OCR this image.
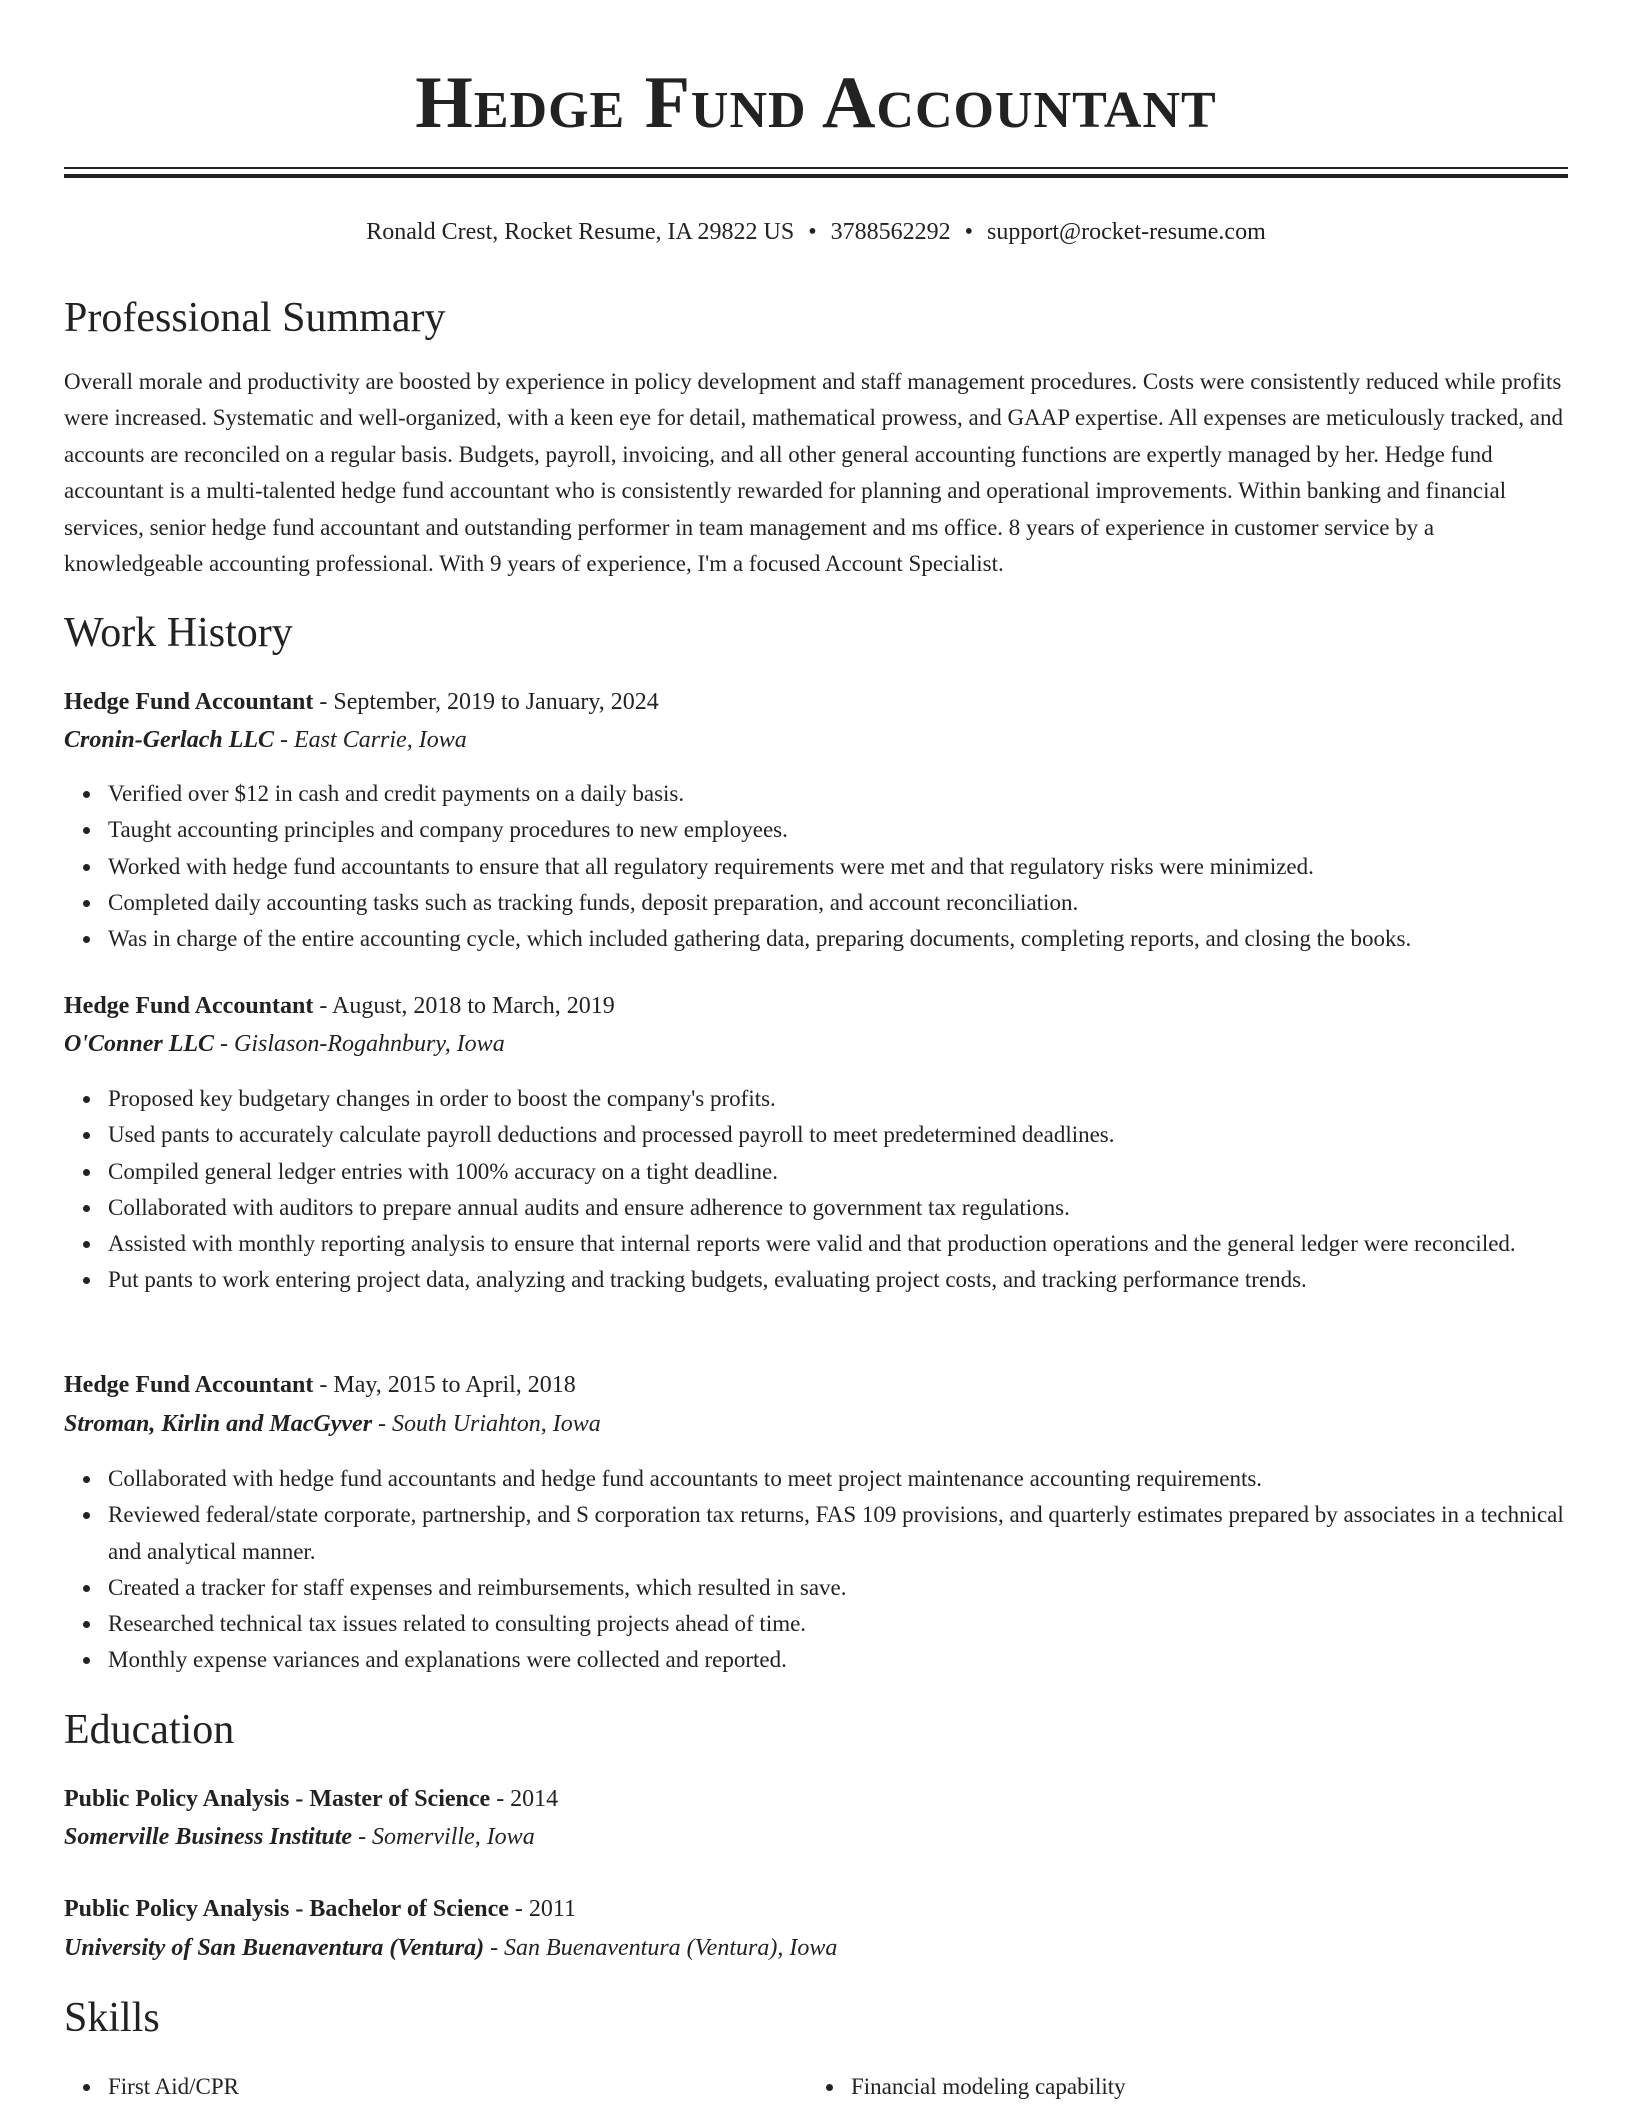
Hedge Fund Accountant
Ronald Crest, Rocket Resume, IA 29822 US • 3788562292 • support@rocket-resume.com
Professional Summary

Overall morale and productivity are boosted by experience in policy development and staff management procedures. Costs were consistently reduced while profits were increased. Systematic and well-organized, with a keen eye for detail, mathematical prowess, and GAAP expertise. All expenses are meticulously tracked, and accounts are reconciled on a regular basis. Budgets, payroll, invoicing, and all other general accounting functions are expertly managed by her. Hedge fund accountant is a multi-talented hedge fund accountant who is consistently rewarded for planning and operational improvements. Within banking and financial services, senior hedge fund accountant and outstanding performer in team management and ms office. 8 years of experience in customer service by a knowledgeable accounting professional. With 9 years of experience, I'm a focused Account Specialist.

Work History
Hedge Fund Accountant - September, 2019 to January, 2024
Cronin-Gerlach LLC - East Carrie, Iowa
Verified over $12 in cash and credit payments on a daily basis.
Taught accounting principles and company procedures to new employees.
Worked with hedge fund accountants to ensure that all regulatory requirements were met and that regulatory risks were minimized.
Completed daily accounting tasks such as tracking funds, deposit preparation, and account reconciliation.
Was in charge of the entire accounting cycle, which included gathering data, preparing documents, completing reports, and closing the books.
Hedge Fund Accountant - August, 2018 to March, 2019
O'Conner LLC - Gislason-Rogahnbury, Iowa
Proposed key budgetary changes in order to boost the company's profits.
Used pants to accurately calculate payroll deductions and processed payroll to meet predetermined deadlines.
Compiled general ledger entries with 100% accuracy on a tight deadline.
Collaborated with auditors to prepare annual audits and ensure adherence to government tax regulations.
Assisted with monthly reporting analysis to ensure that internal reports were valid and that production operations and the general ledger were reconciled.
Put pants to work entering project data, analyzing and tracking budgets, evaluating project costs, and tracking performance trends.
Hedge Fund Accountant - May, 2015 to April, 2018
Stroman, Kirlin and MacGyver - South Uriahton, Iowa
Collaborated with hedge fund accountants and hedge fund accountants to meet project maintenance accounting requirements.
Reviewed federal/state corporate, partnership, and S corporation tax returns, FAS 109 provisions, and quarterly estimates prepared by associates in a technical and analytical manner.
Created a tracker for staff expenses and reimbursements, which resulted in save.
Researched technical tax issues related to consulting projects ahead of time.
Monthly expense variances and explanations were collected and reported.
Education
Public Policy Analysis - Master of Science - 2014
Somerville Business Institute - Somerville, Iowa
Public Policy Analysis - Bachelor of Science - 2011
University of San Buenaventura (Ventura) - San Buenaventura (Ventura), Iowa
Skills
First Aid/CPR	Financial modeling capability
